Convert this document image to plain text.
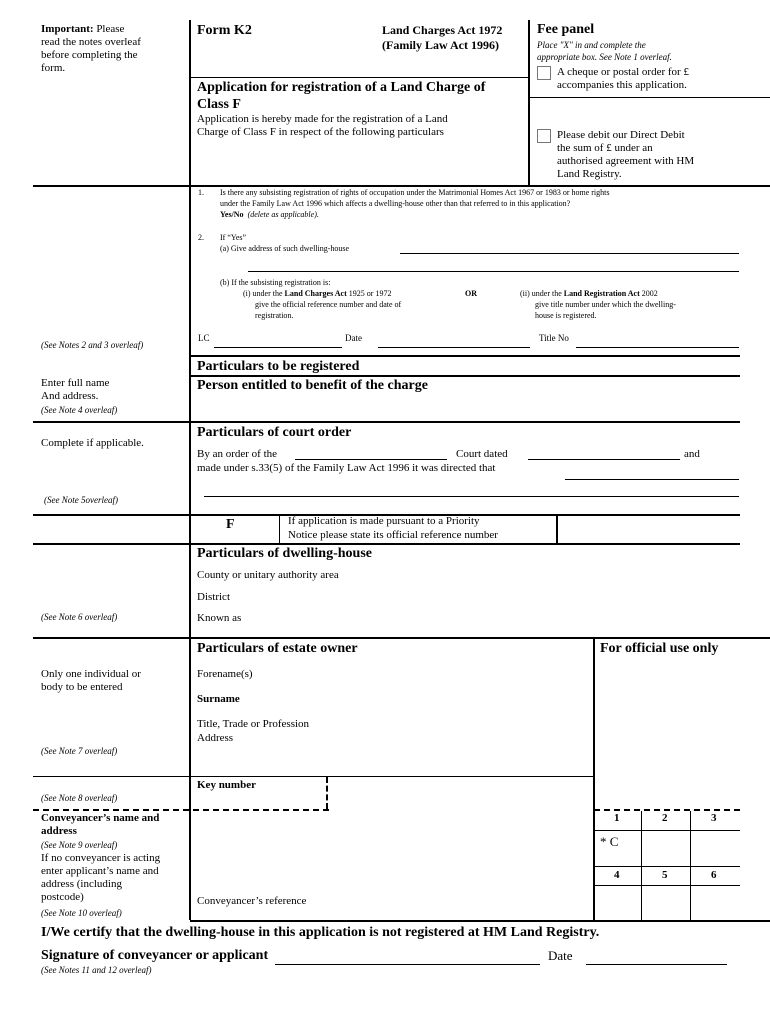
Important: Please
read the notes overleaf
before completing the
form.
(See Notes 2 and 3 overleaf)
Enter full name
And address.
(See Note 4 overleaf)
Complete if applicable.
(See Note 5overleaf)
(See Note 6 overleaf)
Only one individual or
body to be entered
(See Note 7 overleaf)
(See Note 8 overleaf)
Conveyancer’s name and
address
(See Note 9 overleaf)
If no conveyancer is acting
enter applicant’s name and
address (including
postcode)
(See Note 10 overleaf)
Form K2	Land Charges Act 1972
(Family Law Act 1996)
Application for registration of a Land Charge of
Class F
Application is hereby made for the registration of a Land
Charge of Class F in respect of the following particulars
Fee panel
Place "X" in and complete the
appropriate box. See Note 1 overleaf.
A cheque or postal order for £
accompanies this application.
Please debit our Direct Debit
the sum of £ under an
authorised agreement with HM
Land Registry.
1. Is there any subsisting registration of rights of occupation under the Matrimonial Homes Act 1967 or 1983 or home rights
under the Family Law Act 1996 which affects a dwelling-house other than that referred to in this application?
Yes/No (delete as applicable).
2. If “Yes”
(a) Give address of such dwelling-house
(b) If the subsisting registration is:
(i) under the Land Charges Act 1925 or 1972
give the official reference number and date of
registration.
OR	(ii) under the Land Registration Act 2002
give title number under which the dwelling-
house is registered.
LC	Date	Title No
Particulars to be registered
Person entitled to benefit of the charge
Particulars of court order
By an order of the	Court dated	and
made under s.33(5) of the Family Law Act 1996 it was directed that
F	If application is made pursuant to a Priority
Notice please state its official reference number
Particulars of dwelling-house
County or unitary authority area
District
Known as
Particulars of estate owner
Forename(s)
Surname
Title, Trade or Profession
Address
Key number
Conveyancer’s reference
For official use only
1	2	3
* C
4	5	6
I/We certify that the dwelling-house in this application is not registered at HM Land Registry.
Signature of conveyancer or applicant	Date
(See Notes 11 and 12 overleaf)
